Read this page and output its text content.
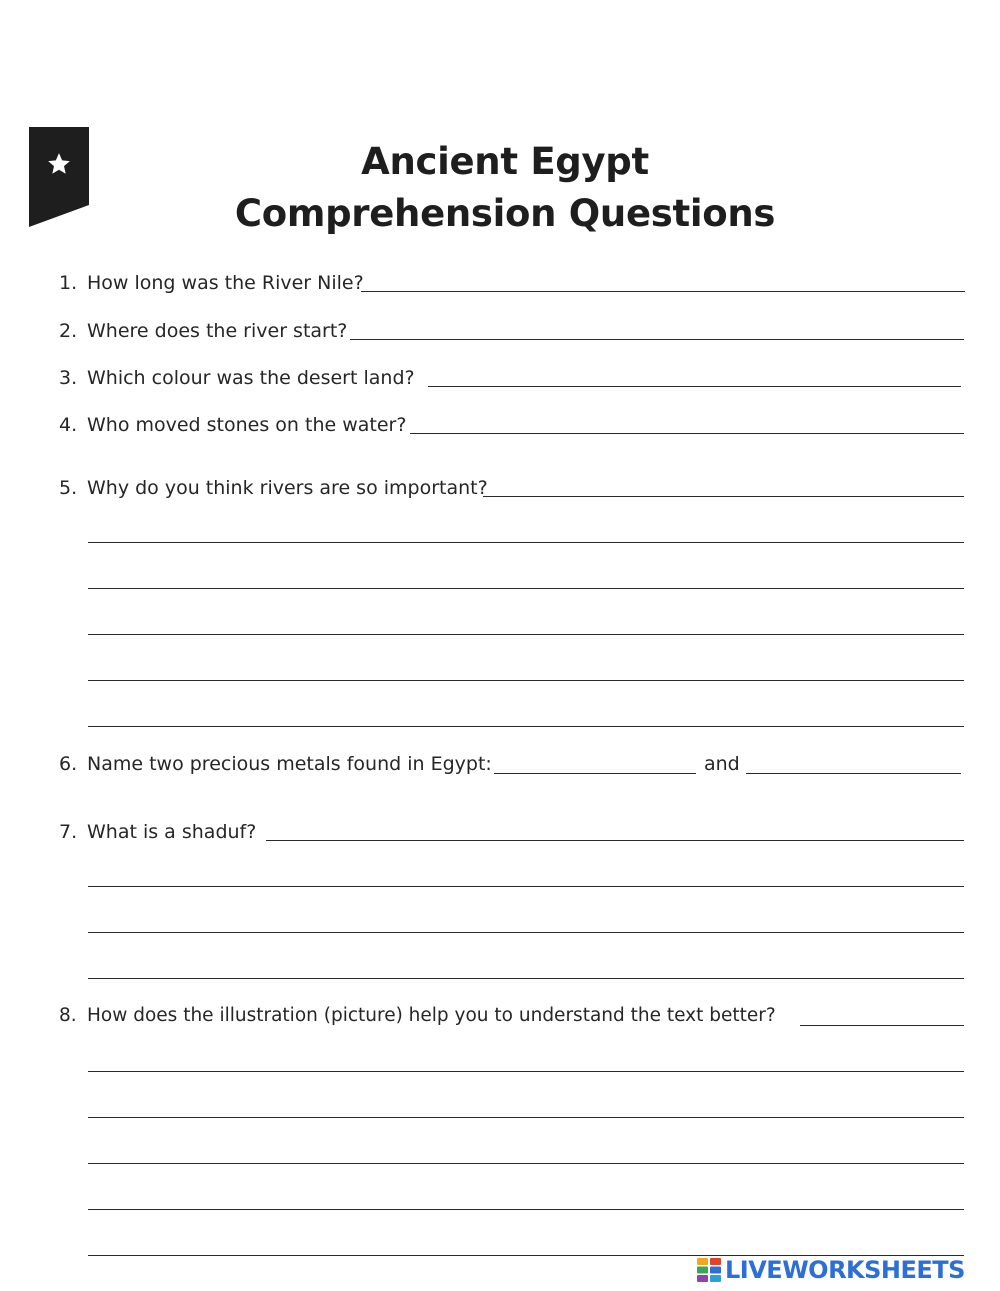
Ancient Egypt
Comprehension Questions
1. How long was the River Nile?
2. Where does the river start?
3. Which colour was the desert land?
4. Who moved stones on the water?
5. Why do you think rivers are so important?
6. Name two precious metals found in Egypt:	and
7. What is a shaduf?
8. How does the illustration (picture) help you to understand the text better?
LIVEWORKSHEETS
